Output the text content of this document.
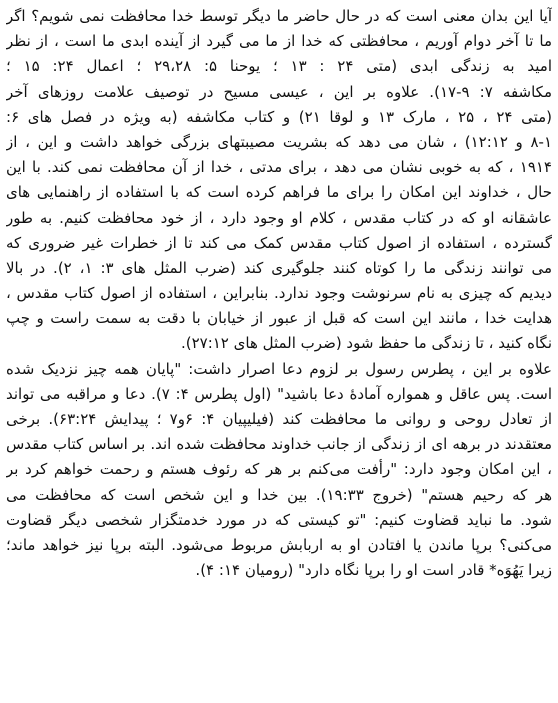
آیا این بدان معنی است که در حال حاضر ما دیگر توسط خدا محافظت نمی شویم؟ اگر
ما تا آخر دوام آوریم ، محافظتی که خدا از ما می گیرد از آینده ابدی ما است ، از نظر
امید به زندگی ابدی (متی ۲۴ : ۱۳ ؛ یوحنا ۵: ۲۹،۲۸ ؛ اعمال ۲۴: ۱۵ ؛
مکاشفه ۷: ۹-۱۷). علاوه بر این ، عیسی مسیح در توصیف علامت روزهای آخر
(متی ۲۴ ، ۲۵ ، مارک ۱۳ و لوقا ۲۱) و کتاب مکاشفه (به ویژه در فصل های ۶:
۸-۱ و ۱۲:۱۲) ، شان می دهد که بشریت مصیبتهای بزرگی خواهد داشت و این ، از
۱۹۱۴ ، که به خوبی نشان می دهد ، برای مدتی ، خدا از آن محافظت نمی کند. با این
حال ، خداوند این امکان را برای ما فراهم کرده است که با استفاده از راهنمایی های
عاشقانه او که در کتاب مقدس ، کلام او وجود دارد ، از خود محافظت کنیم. به طور
گسترده ، استفاده از اصول کتاب مقدس کمک می کند تا از خطرات غیر ضروری که
می توانند زندگی ما را کوتاه کنند جلوگیری کند (ضرب المثل های ۳: ۱، ۲). در بالا
دیدیم که چیزی به نام سرنوشت وجود ندارد. بنابراین ، استفاده از اصول کتاب مقدس ،
هدایت خدا ، مانند این است که قبل از عبور از خیابان با دقت به سمت راست و چپ
نگاه کنید ، تا زندگی ما حفظ شود (ضرب المثل های ۲۷:۱۲).
علاوه بر این ، پطرس رسول بر لزوم دعا اصرار داشت: "پایان همه چیز نزدیک شده
است. پس عاقل و همواره آمادهٔ دعا باشید" (اول پطرس ۴: ۷). دعا و مراقبه می تواند
از تعادل روحی و روانی ما محافظت کند (فیلیپیان ۴: ۶و۷ ؛ پیدایش ۶۳:۲۴). برخی
معتقدند در برهه ای از زندگی از جانب خداوند محافظت شده اند. بر اساس کتاب مقدس
، این امکان وجود دارد: "رأفت می‌کنم بر هر که رئوف هستم و رحمت خواهم کرد بر
هر که رحیم هستم" (خروج ۱۹:۳۳). بین خدا و این شخص است که محافظت می
شود. ما نباید قضاوت کنیم: "تو کیستی که در مورد خدمتگزار شخصی دیگر قضاوت
می‌کنی؟ برپا ماندن یا افتادن او به اربابش مربوط می‌شود. البته برپا نیز خواهد ماند؛
زیرا یَهُوَه* قادر است او را برپا نگاه دارد" (رومیان ۱۴: ۴).
